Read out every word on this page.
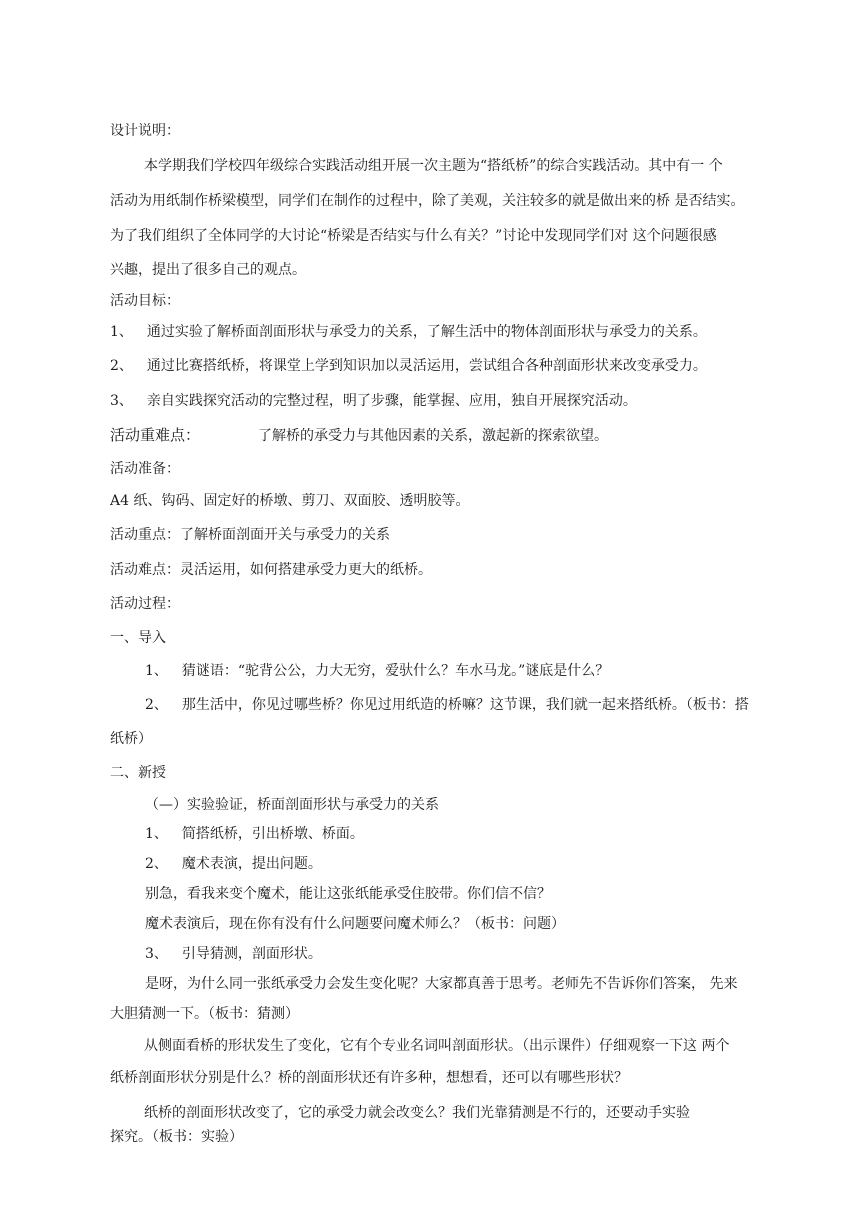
设计说明：
本学期我们学校四年级综合实践活动组开展一次主题为“搭纸桥”的综合实践活动。其中有一 个
活动为用纸制作桥梁模型，同学们在制作的过程中，除了美观，关注较多的就是做出来的桥 是否结实。
为了我们组织了全体同学的大讨论“桥梁是否结实与什么有关？”讨论中发现同学们对 这个问题很感
兴趣，提出了很多自己的观点。
活动目标：
1、 通过实验了解桥面剖面形状与承受力的关系，了解生活中的物体剖面形状与承受力的关系。
2、 通过比赛搭纸桥，将课堂上学到知识加以灵活运用，尝试组合各种剖面形状来改变承受力。
3、 亲自实践探究活动的完整过程，明了步骤，能掌握、应用，独自开展探究活动。
活动重难点：	了解桥的承受力与其他因素的关系，激起新的探索欲望。
活动准备：
A4 纸、钩码、固定好的桥墩、剪刀、双面胶、透明胶等。
活动重点：了解桥面剖面开关与承受力的关系
活动难点：灵活运用，如何搭建承受力更大的纸桥。
活动过程：
一、导入
1、 猜谜语：“驼背公公，力大无穷，爱驮什么？车水马龙。”谜底是什么？
2、 那生活中，你见过哪些桥？你见过用纸造的桥嘛？这节课，我们就一起来搭纸桥。（板书：搭
纸桥）
二、新授
（—）实验验证，桥面剖面形状与承受力的关系
1、 简搭纸桥，引出桥墩、桥面。
2、 魔术表演，提出问题。
别急，看我来变个魔术，能让这张纸能承受住胶带。你们信不信？
魔术表演后，现在你有没有什么问题要问魔术师么？（板书：问题）
3、 引导猜测，剖面形状。
是呀，为什么同一张纸承受力会发生变化呢？大家都真善于思考。老师先不告诉你们答案， 先来
大胆猜测一下。（板书：猜测）
从侧面看桥的形状发生了变化，它有个专业名词叫剖面形状。（出示课件）仔细观察一下这 两个
纸桥剖面形状分别是什么？桥的剖面形状还有许多种，想想看，还可以有哪些形状？
纸桥的剖面形状改变了，它的承受力就会改变么？我们光靠猜测是不行的，还要动手实验
探究。（板书：实验）
